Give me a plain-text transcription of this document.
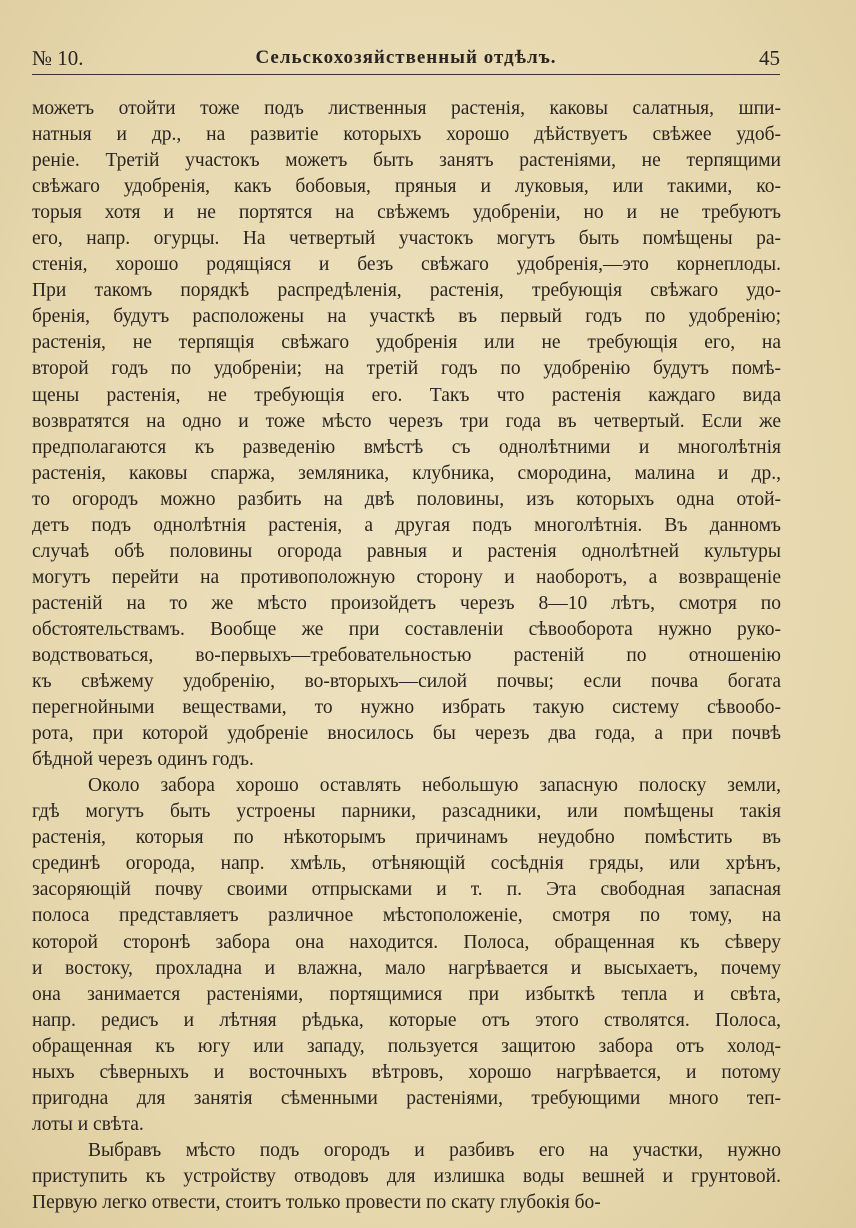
№ 10.	Сельскохозяйственный отдѣлъ.	45
можетъ отойти тоже подъ лиственныя растенія, каковы салатныя, шпи-
натныя и др., на развитіе которыхъ хорошо дѣйствуетъ свѣжее удоб-
реніе. Третій участокъ можетъ быть занятъ растеніями, не терпящими
свѣжаго удобренія, какъ бобовыя, пряныя и луковыя, или такими, ко-
торыя хотя и не портятся на свѣжемъ удобреніи, но и не требуютъ
его, напр. огурцы. На четвертый участокъ могутъ быть помѣщены ра-
стенія, хорошо родящіяся и безъ свѣжаго удобренія,—это корнеплоды.
При такомъ порядкѣ распредѣленія, растенія, требующія свѣжаго удо-
бренія, будутъ расположены на участкѣ въ первый годъ по удобренію;
растенія, не терпящія свѣжаго удобренія или не требующія его, на
второй годъ по удобреніи; на третій годъ по удобренію будутъ помѣ-
щены растенія, не требующія его. Такъ что растенія каждаго вида
возвратятся на одно и тоже мѣсто черезъ три года въ четвертый. Если же
предполагаются къ разведенію вмѣстѣ съ однолѣтними и многолѣтнія
растенія, каковы спаржа, земляника, клубника, смородина, малина и др.,
то огородъ можно разбить на двѣ половины, изъ которыхъ одна отой-
детъ подъ однолѣтнія растенія, а другая подъ многолѣтнія. Въ данномъ
случаѣ обѣ половины огорода равныя и растенія однолѣтней культуры
могутъ перейти на противоположную сторону и наоборотъ, а возвращеніе
растеній на то же мѣсто произойдетъ черезъ 8—10 лѣтъ, смотря по
обстоятельствамъ. Вообще же при составленіи сѣвооборота нужно руко-
водствоваться, во-первыхъ—требовательностью растеній по отношенію
къ свѣжему удобренію, во-вторыхъ—силой почвы; если почва богата
перегнойными веществами, то нужно избрать такую систему сѣвообо-
рота, при которой удобреніе вносилось бы черезъ два года, а при почвѣ
бѣдной черезъ одинъ годъ.
Около забора хорошо оставлять небольшую запасную полоску земли,
гдѣ могутъ быть устроены парники, разсадники, или помѣщены такія
растенія, которыя по нѣкоторымъ причинамъ неудобно помѣстить въ
срединѣ огорода, напр. хмѣль, отѣняющій сосѣднія гряды, или хрѣнъ,
засоряющій почву своими отпрысками и т. п. Эта свободная запасная
полоса представляетъ различное мѣстоположеніе, смотря по тому, на
которой сторонѣ забора она находится. Полоса, обращенная къ сѣверу
и востоку, прохладна и влажна, мало нагрѣвается и высыхаетъ, почему
она занимается растеніями, портящимися при избыткѣ тепла и свѣта,
напр. редисъ и лѣтняя рѣдька, которые отъ этого стволятся. Полоса,
обращенная къ югу или западу, пользуется защитою забора отъ холод-
ныхъ сѣверныхъ и восточныхъ вѣтровъ, хорошо нагрѣвается, и потому
пригодна для занятія сѣменными растеніями, требующими много теп-
лоты и свѣта.
Выбравъ мѣсто подъ огородъ и разбивъ его на участки, нужно
приступить къ устройству отводовъ для излишка воды вешней и грунтовой.
Первую легко отвести, стоитъ только провести по скату глубокія бо-
